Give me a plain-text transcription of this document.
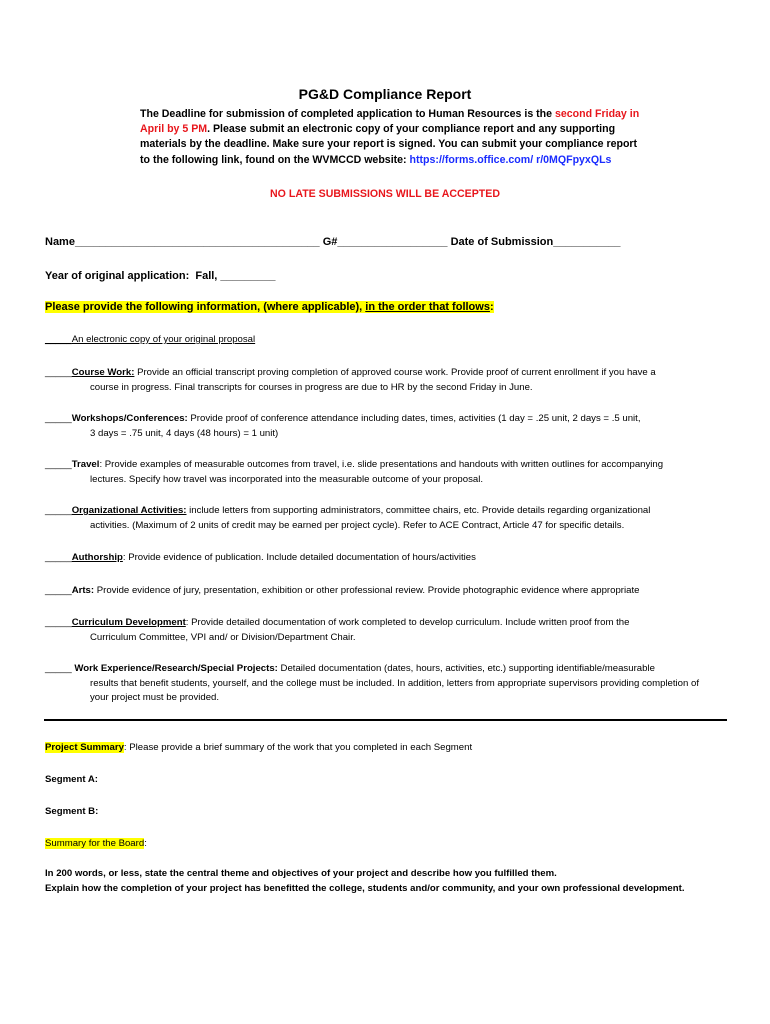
PG&D Compliance Report
The Deadline for submission of completed application to Human Resources is the second Friday in April by 5 PM. Please submit an electronic copy of your compliance report and any supporting materials by the deadline. Make sure your report is signed. You can submit your compliance report to the following link, found on the WVMCCD website: https://forms.office.com/ r/0MQFpyxQLs
NO LATE SUBMISSIONS WILL BE ACCEPTED
Name________________________________________ G#__________________ Date of Submission___________
Year of original application:  Fall, _________
Please provide the following information, (where applicable), in the order that follows:
_____An electronic copy of your original proposal
_____Course Work: Provide an official transcript proving completion of approved course work. Provide proof of current enrollment if you have a
course in progress. Final transcripts for courses in progress are due to HR by the second Friday in June.
_____Workshops/Conferences: Provide proof of conference attendance including dates, times, activities (1 day = .25 unit, 2 days = .5 unit,
3 days = .75 unit, 4 days (48 hours) = 1 unit)
_____Travel: Provide examples of measurable outcomes from travel, i.e. slide presentations and handouts with written outlines for accompanying
lectures. Specify how travel was incorporated into the measurable outcome of your proposal.
_____Organizational Activities: include letters from supporting administrators, committee chairs, etc. Provide details regarding organizational
activities. (Maximum of 2 units of credit may be earned per project cycle). Refer to ACE Contract, Article 47 for specific details.
_____Authorship: Provide evidence of publication. Include detailed documentation of hours/activities
_____Arts: Provide evidence of jury, presentation, exhibition or other professional review. Provide photographic evidence where appropriate
_____Curriculum Development: Provide detailed documentation of work completed to develop curriculum. Include written proof from the
Curriculum Committee, VPI and/ or Division/Department Chair.
_____ Work Experience/Research/Special Projects: Detailed documentation (dates, hours, activities, etc.) supporting identifiable/measurable
results that benefit students, yourself, and the college must be included. In addition, letters from appropriate supervisors providing completion of your project must be provided.
Project Summary: Please provide a brief summary of the work that you completed in each Segment
Segment A:
Segment B:
Summary for the Board:
In 200 words, or less, state the central theme and objectives of your project and describe how you fulfilled them.
Explain how the completion of your project has benefitted the college, students and/or community, and your own professional development.
